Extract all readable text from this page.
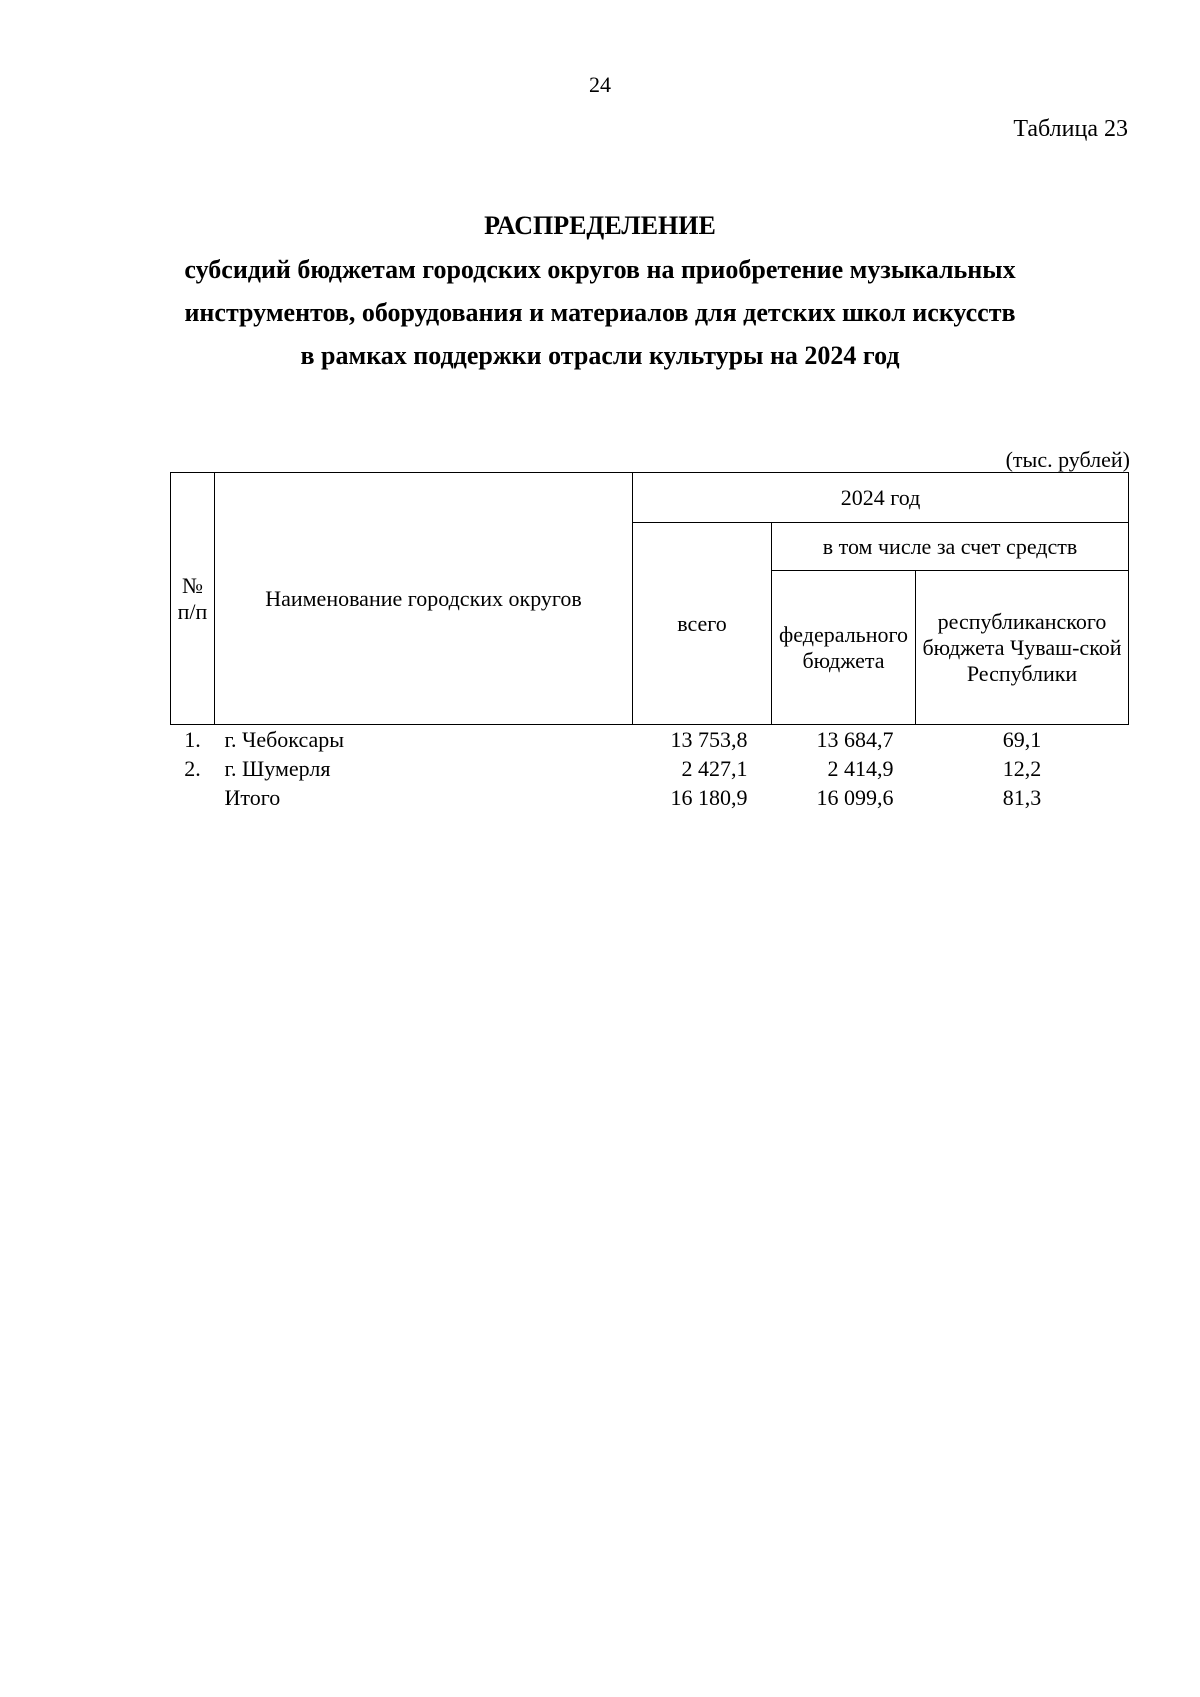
24
Таблица 23
РАСПРЕДЕЛЕНИЕ
субсидий бюджетам городских округов на приобретение музыкальных
инструментов, оборудования и материалов для детских школ искусств
в рамках поддержки отрасли культуры на 2024 год
(тыс. рублей)
№ п/п	Наименование городских округов	2024 год		
		всего	в том числе за счет средств	
			федерального бюджета	республиканского бюджета Чуваш-ской Республики
1.	г. Чебоксары	13 753,8	13 684,7	69,1
2.	г. Шумерля	2 427,1	2 414,9	12,2
	Итого	16 180,9	16 099,6	81,3
